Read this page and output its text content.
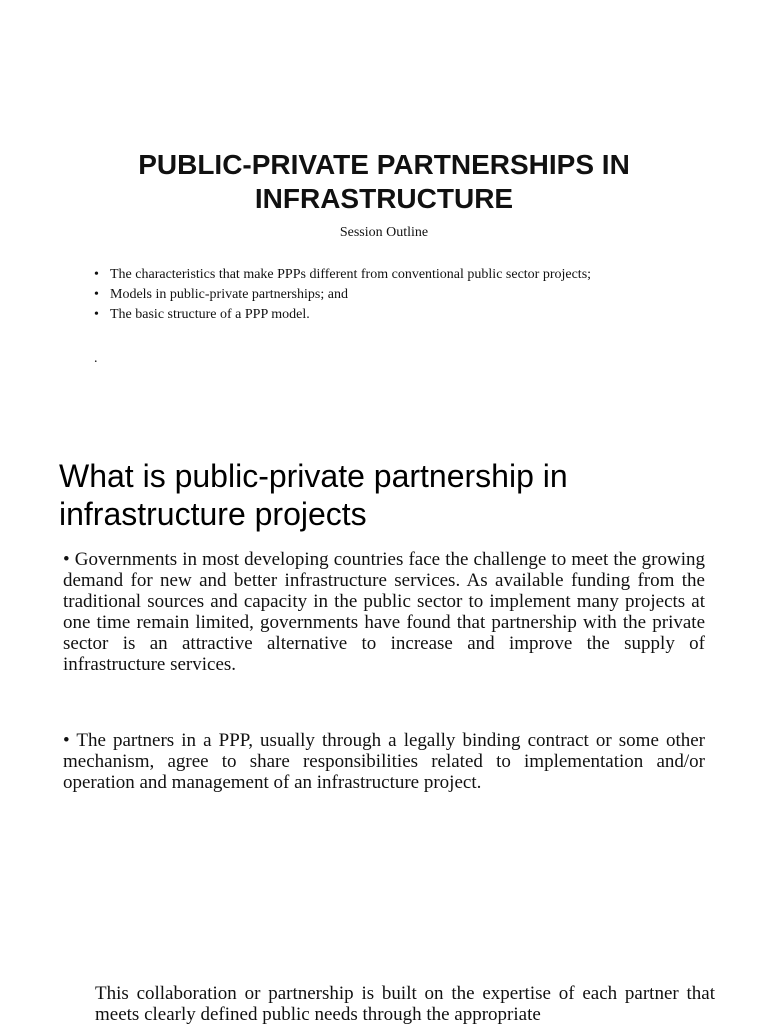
PUBLIC-PRIVATE PARTNERSHIPS IN
INFRASTRUCTURE
Session Outline
• The characteristics that make PPPs different from conventional public sector projects;
• Models in public-private partnerships; and
• The basic structure of a PPP model.
.
What is public-private partnership in infrastructure projects

• Governments in most developing countries face the challenge to meet the growing demand for new and better infrastructure services. As available funding from the traditional sources and capacity in the public sector to implement many projects at one time remain limited, governments have found that partnership with the private sector is an attractive alternative to increase and improve the supply of infrastructure services.

• The partners in a PPP, usually through a legally binding contract or some other mechanism, agree to share responsibilities related to implementation and/or operation and management of an infrastructure project.

This collaboration or partnership is built on the expertise of each partner that meets clearly defined public needs through the appropriate
